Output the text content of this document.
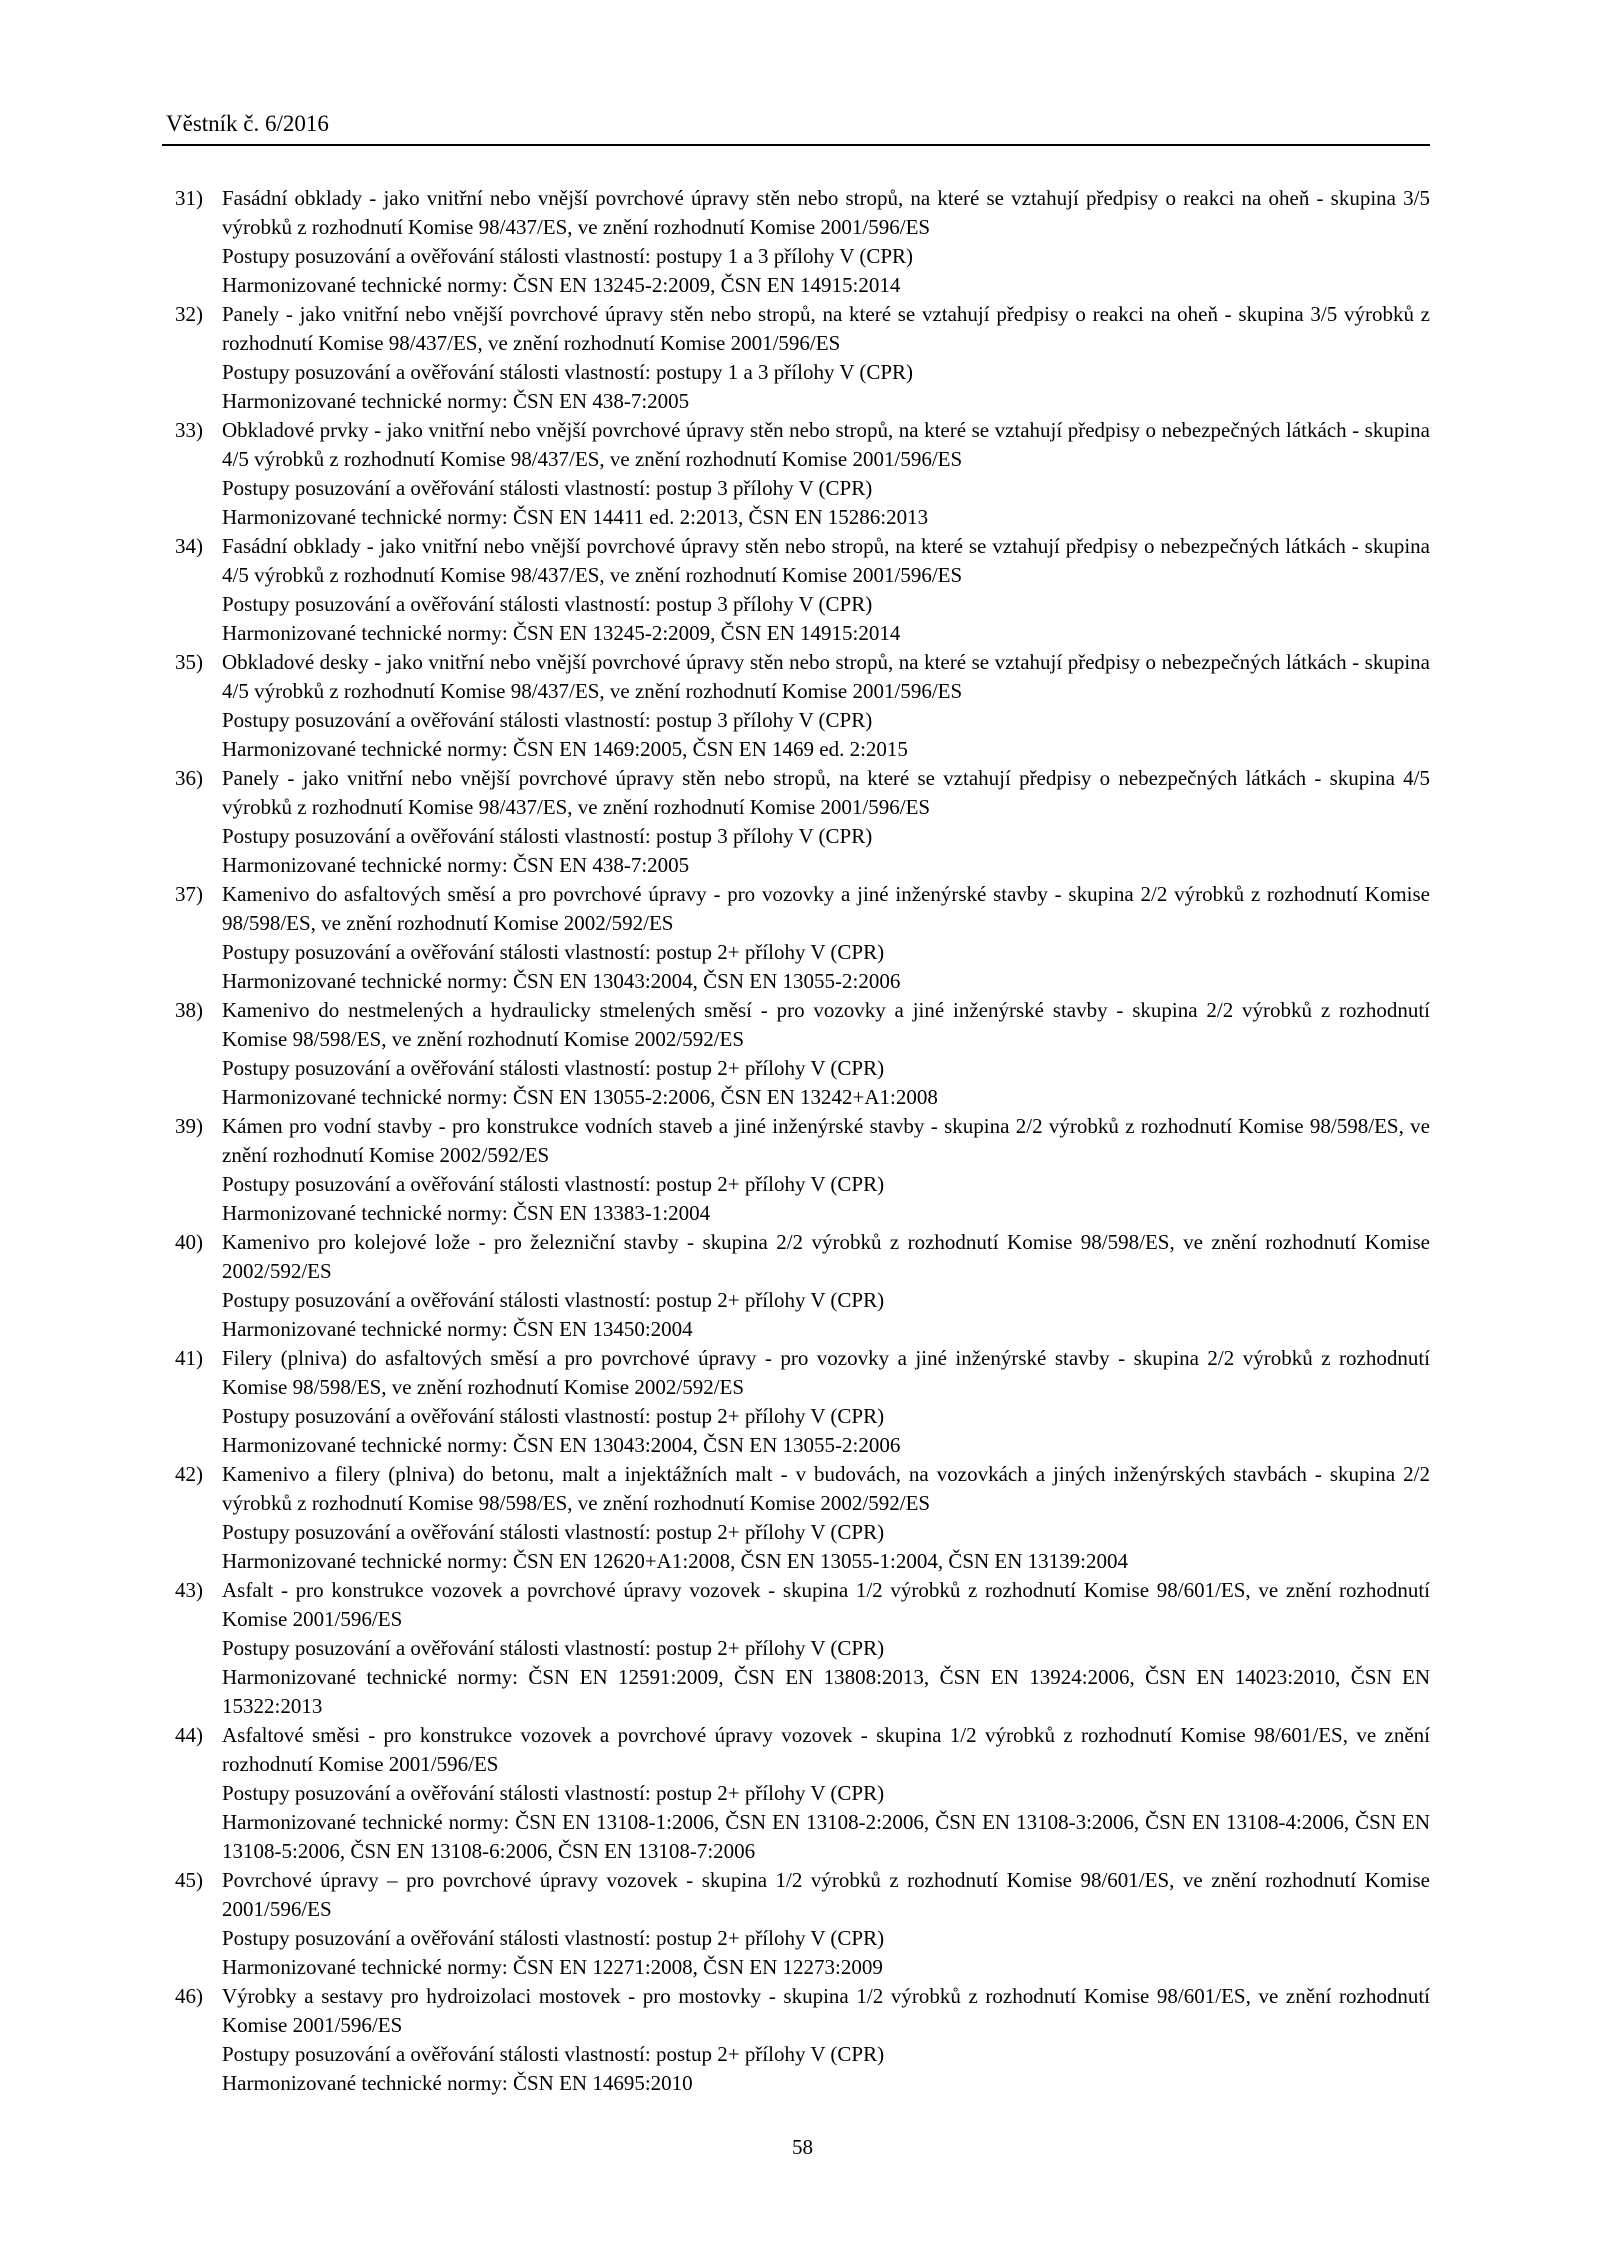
Věstník č. 6/2016
31) Fasádní obklady - jako vnitřní nebo vnější povrchové úpravy stěn nebo stropů, na které se vztahují předpisy o reakci na oheň - skupina 3/5 výrobků z rozhodnutí Komise 98/437/ES, ve znění rozhodnutí Komise 2001/596/ES
Postupy posuzování a ověřování stálosti vlastností: postupy 1 a 3 přílohy V (CPR)
Harmonizované technické normy: ČSN EN 13245-2:2009, ČSN EN 14915:2014
32) Panely - jako vnitřní nebo vnější povrchové úpravy stěn nebo stropů, na které se vztahují předpisy o reakci na oheň - skupina 3/5 výrobků z rozhodnutí Komise 98/437/ES, ve znění rozhodnutí Komise 2001/596/ES
Postupy posuzování a ověřování stálosti vlastností: postupy 1 a 3 přílohy V (CPR)
Harmonizované technické normy: ČSN EN 438-7:2005
33) Obkladové prvky - jako vnitřní nebo vnější povrchové úpravy stěn nebo stropů, na které se vztahují předpisy o nebezpečných látkách - skupina 4/5 výrobků z rozhodnutí Komise 98/437/ES, ve znění rozhodnutí Komise 2001/596/ES
Postupy posuzování a ověřování stálosti vlastností: postup 3 přílohy V (CPR)
Harmonizované technické normy: ČSN EN 14411 ed. 2:2013, ČSN EN 15286:2013
34) Fasádní obklady - jako vnitřní nebo vnější povrchové úpravy stěn nebo stropů, na které se vztahují předpisy o nebezpečných látkách - skupina 4/5 výrobků z rozhodnutí Komise 98/437/ES, ve znění rozhodnutí Komise 2001/596/ES
Postupy posuzování a ověřování stálosti vlastností: postup 3 přílohy V (CPR)
Harmonizované technické normy: ČSN EN 13245-2:2009, ČSN EN 14915:2014
35) Obkladové desky - jako vnitřní nebo vnější povrchové úpravy stěn nebo stropů, na které se vztahují předpisy o nebezpečných látkách - skupina 4/5 výrobků z rozhodnutí Komise 98/437/ES, ve znění rozhodnutí Komise 2001/596/ES
Postupy posuzování a ověřování stálosti vlastností: postup 3 přílohy V (CPR)
Harmonizované technické normy: ČSN EN 1469:2005, ČSN EN 1469 ed. 2:2015
36) Panely - jako vnitřní nebo vnější povrchové úpravy stěn nebo stropů, na které se vztahují předpisy o nebezpečných látkách - skupina 4/5 výrobků z rozhodnutí Komise 98/437/ES, ve znění rozhodnutí Komise 2001/596/ES
Postupy posuzování a ověřování stálosti vlastností: postup 3 přílohy V (CPR)
Harmonizované technické normy: ČSN EN 438-7:2005
37) Kamenivo do asfaltových směsí a pro povrchové úpravy - pro vozovky a jiné inženýrské stavby - skupina 2/2 výrobků z rozhodnutí Komise 98/598/ES, ve znění rozhodnutí Komise 2002/592/ES
Postupy posuzování a ověřování stálosti vlastností: postup 2+ přílohy V (CPR)
Harmonizované technické normy: ČSN EN 13043:2004, ČSN EN 13055-2:2006
38) Kamenivo do nestmelených a hydraulicky stmelených směsí - pro vozovky a jiné inženýrské stavby - skupina 2/2 výrobků z rozhodnutí Komise 98/598/ES, ve znění rozhodnutí Komise 2002/592/ES
Postupy posuzování a ověřování stálosti vlastností: postup 2+ přílohy V (CPR)
Harmonizované technické normy: ČSN EN 13055-2:2006, ČSN EN 13242+A1:2008
39) Kámen pro vodní stavby - pro konstrukce vodních staveb a jiné inženýrské stavby - skupina 2/2 výrobků z rozhodnutí Komise 98/598/ES, ve znění rozhodnutí Komise 2002/592/ES
Postupy posuzování a ověřování stálosti vlastností: postup 2+ přílohy V (CPR)
Harmonizované technické normy: ČSN EN 13383-1:2004
40) Kamenivo pro kolejové lože - pro železniční stavby - skupina 2/2 výrobků z rozhodnutí Komise 98/598/ES, ve znění rozhodnutí Komise 2002/592/ES
Postupy posuzování a ověřování stálosti vlastností: postup 2+ přílohy V (CPR)
Harmonizované technické normy: ČSN EN 13450:2004
41) Filery (plniva) do asfaltových směsí a pro povrchové úpravy - pro vozovky a jiné inženýrské stavby - skupina 2/2 výrobků z rozhodnutí Komise 98/598/ES, ve znění rozhodnutí Komise 2002/592/ES
Postupy posuzování a ověřování stálosti vlastností: postup 2+ přílohy V (CPR)
Harmonizované technické normy: ČSN EN 13043:2004, ČSN EN 13055-2:2006
42) Kamenivo a filery (plniva) do betonu, malt a injektážních malt - v budovách, na vozovkách a jiných inženýrských stavbách - skupina 2/2 výrobků z rozhodnutí Komise 98/598/ES, ve znění rozhodnutí Komise 2002/592/ES
Postupy posuzování a ověřování stálosti vlastností: postup 2+ přílohy V (CPR)
Harmonizované technické normy: ČSN EN 12620+A1:2008, ČSN EN 13055-1:2004, ČSN EN 13139:2004
43) Asfalt - pro konstrukce vozovek a povrchové úpravy vozovek - skupina 1/2 výrobků z rozhodnutí Komise 98/601/ES, ve znění rozhodnutí Komise 2001/596/ES
Postupy posuzování a ověřování stálosti vlastností: postup 2+ přílohy V (CPR)
Harmonizované technické normy: ČSN EN 12591:2009, ČSN EN 13808:2013, ČSN EN 13924:2006, ČSN EN 14023:2010, ČSN EN 15322:2013
44) Asfaltové směsi - pro konstrukce vozovek a povrchové úpravy vozovek - skupina 1/2 výrobků z rozhodnutí Komise 98/601/ES, ve znění rozhodnutí Komise 2001/596/ES
Postupy posuzování a ověřování stálosti vlastností: postup 2+ přílohy V (CPR)
Harmonizované technické normy: ČSN EN 13108-1:2006, ČSN EN 13108-2:2006, ČSN EN 13108-3:2006, ČSN EN 13108-4:2006, ČSN EN 13108-5:2006, ČSN EN 13108-6:2006, ČSN EN 13108-7:2006
45) Povrchové úpravy – pro povrchové úpravy vozovek - skupina 1/2 výrobků z rozhodnutí Komise 98/601/ES, ve znění rozhodnutí Komise 2001/596/ES
Postupy posuzování a ověřování stálosti vlastností: postup 2+ přílohy V (CPR)
Harmonizované technické normy: ČSN EN 12271:2008, ČSN EN 12273:2009
46) Výrobky a sestavy pro hydroizolaci mostovek - pro mostovky - skupina 1/2 výrobků z rozhodnutí Komise 98/601/ES, ve znění rozhodnutí Komise 2001/596/ES
Postupy posuzování a ověřování stálosti vlastností: postup 2+ přílohy V (CPR)
Harmonizované technické normy: ČSN EN 14695:2010
58
